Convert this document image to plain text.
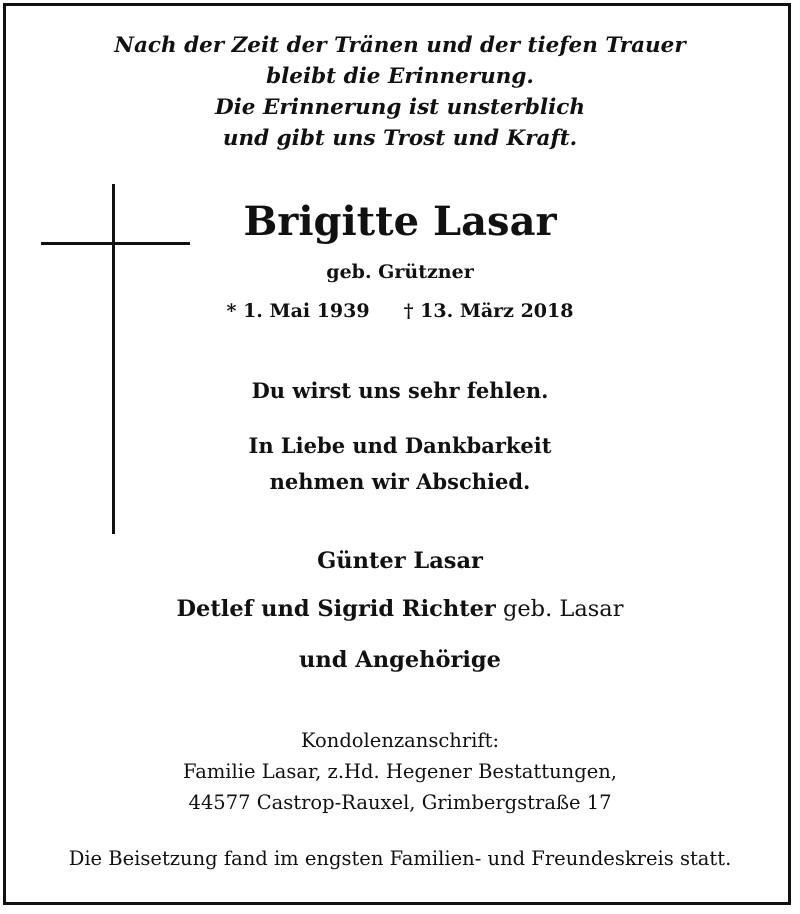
Nach der Zeit der Tränen und der tiefen Trauer
bleibt die Erinnerung.
Die Erinnerung ist unsterblich
und gibt uns Trost und Kraft.
Brigitte Lasar
geb. Grützner
* 1. Mai 1939 † 13. März 2018
Du wirst uns sehr fehlen.
In Liebe und Dankbarkeit
nehmen wir Abschied.
Günter Lasar
Detlef und Sigrid Richter geb. Lasar
und Angehörige
Kondolenzanschrift:
Familie Lasar, z.Hd. Hegener Bestattungen,
44577 Castrop-Rauxel, Grimbergstraße 17
Die Beisetzung fand im engsten Familien- und Freundeskreis statt.
